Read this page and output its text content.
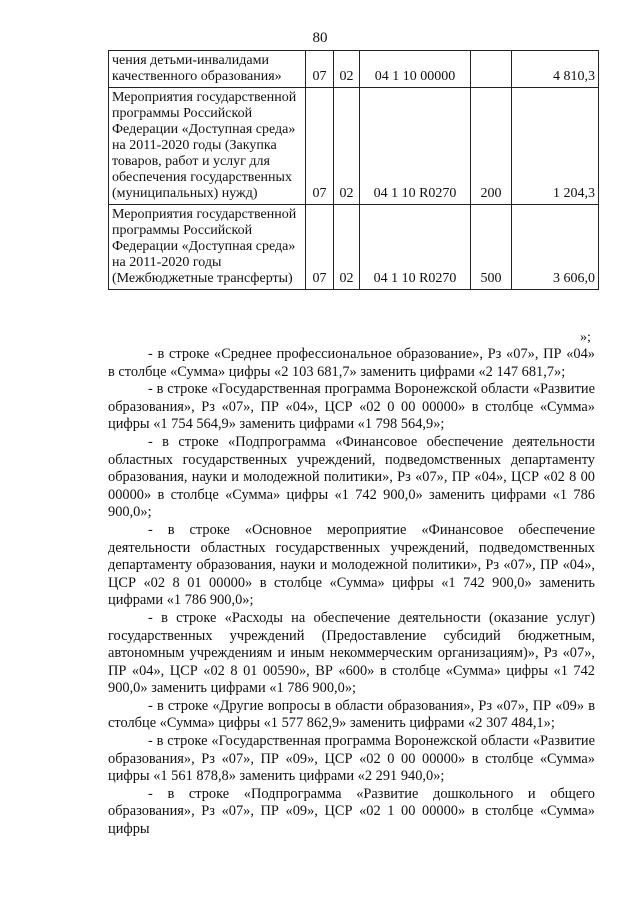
80
чения детьми-инвалидами качественного образования»	07	02	04 1 10 00000		4 810,3
Мероприятия государственной программы Российской Федерации «Доступная среда» на 2011-2020 годы (Закупка товаров, работ и услуг для обеспечения государственных (муниципальных) нужд)	07	02	04 1 10 R0270	200	1 204,3
Мероприятия государственной программы Российской Федерации «Доступная среда» на 2011-2020 годы (Межбюджетные трансферты)	07	02	04 1 10 R0270	500	3 606,0
»;

- в строке «Среднее профессиональное образование», Рз «07», ПР «04» в столбце «Сумма» цифры «2 103 681,7» заменить цифрами «2 147 681,7»;

- в строке «Государственная программа Воронежской области «Развитие образования», Рз «07», ПР «04», ЦСР «02 0 00 00000» в столбце «Сумма» цифры «1 754 564,9» заменить цифрами «1 798 564,9»;

- в строке «Подпрограмма «Финансовое обеспечение деятельности областных государственных учреждений, подведомственных департаменту образования, науки и молодежной политики», Рз «07», ПР «04», ЦСР «02 8 00 00000» в столбце «Сумма» цифры «1 742 900,0» заменить цифрами «1 786 900,0»;

- в строке «Основное мероприятие «Финансовое обеспечение деятельности областных государственных учреждений, подведомственных департаменту образования, науки и молодежной политики», Рз «07», ПР «04», ЦСР «02 8 01 00000» в столбце «Сумма» цифры «1 742 900,0» заменить цифрами «1 786 900,0»;

- в строке «Расходы на обеспечение деятельности (оказание услуг) государственных учреждений (Предоставление субсидий бюджетным, автономным учреждениям и иным некоммерческим организациям)», Рз «07», ПР «04», ЦСР «02 8 01 00590», ВР «600» в столбце «Сумма» цифры «1 742 900,0» заменить цифрами «1 786 900,0»;

- в строке «Другие вопросы в области образования», Рз «07», ПР «09» в столбце «Сумма» цифры «1 577 862,9» заменить цифрами «2 307 484,1»;

- в строке «Государственная программа Воронежской области «Развитие образования», Рз «07», ПР «09», ЦСР «02 0 00 00000» в столбце «Сумма» цифры «1 561 878,8» заменить цифрами «2 291 940,0»;

- в строке «Подпрограмма «Развитие дошкольного и общего образования», Рз «07», ПР «09», ЦСР «02 1 00 00000» в столбце «Сумма» цифры
